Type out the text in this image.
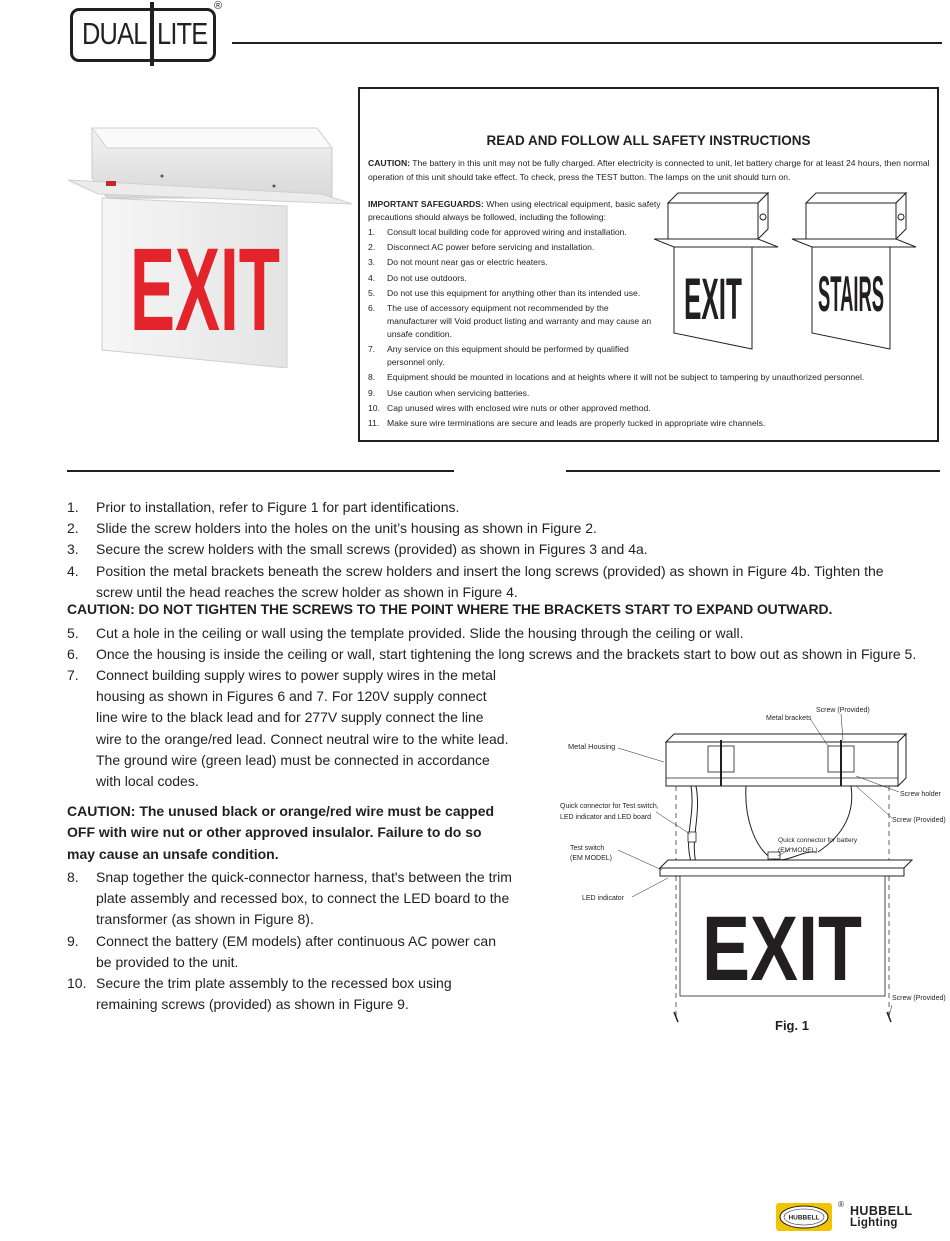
DUAL LITE
®
EXIT
READ AND FOLLOW ALL SAFETY INSTRUCTIONS
CAUTION: The battery in this unit may not be fully charged. After electricity is connected to unit, let battery charge for at least 24 hours, then normal operation of this unit should take effect. To check, press the TEST button. The lamps on the unit should turn on.
IMPORTANT SAFEGUARDS: When using electrical equipment, basic safety precautions should always be followed, including the following:
1.	Consult local building code for approved wiring and installation.
2.	Disconnect AC power before servicing and installation.
3.	Do not mount near gas or electric heaters.
4.	Do not use outdoors.
5.	Do not use this equipment for anything other than its intended use.
6.	The use of accessory equipment not recommended by the manufacturer will Void product listing and warranty and may cause an unsafe condition.
7.	Any service on this equipment should be performed by qualified personnel only.
8.	Equipment should be mounted in locations and at heights where it will not be subject to tampering by unauthorized personnel.
9.	Use caution when servicing batteries.
10. Cap unused wires with enclosed wire nuts or other approved method.
11. Make sure wire terminations are secure and leads are properly tucked in appropriate wire channels.
EXIT STAIRS
1.	Prior to installation, refer to Figure 1 for part identifications.
2.	Slide the screw holders into the holes on the unit’s housing as shown in Figure 2.
3.	Secure the screw holders with the small screws (provided) as shown in Figures 3 and 4a.
4.	Position the metal brackets beneath the screw holders and insert the long screws (provided) as shown in Figure 4b. Tighten the screw until the head reaches the screw holder as shown in Figure 4.
CAUTION: DO NOT TIGHTEN THE SCREWS TO THE POINT WHERE THE BRACKETS START TO EXPAND OUTWARD.
5.	Cut a hole in the ceiling or wall using the template provided. Slide the housing through the ceiling or wall.
6.	Once the housing is inside the ceiling or wall, start tightening the long screws and the brackets start to bow out as shown in Figure 5.
7.	Connect building supply wires to power supply wires in the metal housing as shown in Figures 6 and 7. For 120V supply connect line wire to the black lead and for 277V supply connect the line wire to the orange/red lead. Connect neutral wire to the white lead. The ground wire (green lead) must be connected in accordance with local codes.
CAUTION: The unused black or orange/red wire must be capped OFF with wire nut or other approved insulalor. Failure to do so may cause an unsafe condition.
8.	Snap together the quick-connector harness, that's between the trim plate assembly and recessed box, to connect the LED board to the transformer (as shown in Figure 8).
9.	Connect the battery (EM models) after continuous AC power can be provided to the unit.
10. Secure the trim plate assembly to the recessed box using remaining screws (provided) as shown in Figure 9.
EXIT
Metal Housing
Metal brackets
Screw (Provided)
Screw holder
Screw (Provided)
Quick connector for Test switch,
LED indicator and LED board
Quick connector for battery
(EM MODEL)
Test switch
(EM MODEL)
LED indicator
Screw (Provided)
Fig. 1
HUBBELL
® HUBBELL
Lighting
